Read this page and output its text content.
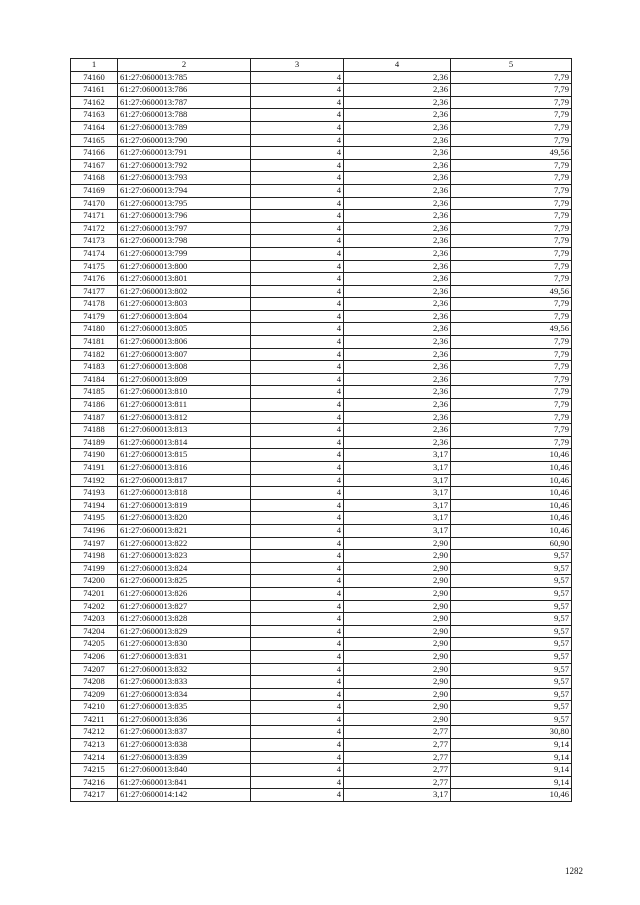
1	2	3	4	5
74160	61:27:0600013:785	4	2,36	7,79
74161	61:27:0600013:786	4	2,36	7,79
74162	61:27:0600013:787	4	2,36	7,79
74163	61:27:0600013:788	4	2,36	7,79
74164	61:27:0600013:789	4	2,36	7,79
74165	61:27:0600013:790	4	2,36	7,79
74166	61:27:0600013:791	4	2,36	49,56
74167	61:27:0600013:792	4	2,36	7,79
74168	61:27:0600013:793	4	2,36	7,79
74169	61:27:0600013:794	4	2,36	7,79
74170	61:27:0600013:795	4	2,36	7,79
74171	61:27:0600013:796	4	2,36	7,79
74172	61:27:0600013:797	4	2,36	7,79
74173	61:27:0600013:798	4	2,36	7,79
74174	61:27:0600013:799	4	2,36	7,79
74175	61:27:0600013:800	4	2,36	7,79
74176	61:27:0600013:801	4	2,36	7,79
74177	61:27:0600013:802	4	2,36	49,56
74178	61:27:0600013:803	4	2,36	7,79
74179	61:27:0600013:804	4	2,36	7,79
74180	61:27:0600013:805	4	2,36	49,56
74181	61:27:0600013:806	4	2,36	7,79
74182	61:27:0600013:807	4	2,36	7,79
74183	61:27:0600013:808	4	2,36	7,79
74184	61:27:0600013:809	4	2,36	7,79
74185	61:27:0600013:810	4	2,36	7,79
74186	61:27:0600013:811	4	2,36	7,79
74187	61:27:0600013:812	4	2,36	7,79
74188	61:27:0600013:813	4	2,36	7,79
74189	61:27:0600013:814	4	2,36	7,79
74190	61:27:0600013:815	4	3,17	10,46
74191	61:27:0600013:816	4	3,17	10,46
74192	61:27:0600013:817	4	3,17	10,46
74193	61:27:0600013:818	4	3,17	10,46
74194	61:27:0600013:819	4	3,17	10,46
74195	61:27:0600013:820	4	3,17	10,46
74196	61:27:0600013:821	4	3,17	10,46
74197	61:27:0600013:822	4	2,90	60,90
74198	61:27:0600013:823	4	2,90	9,57
74199	61:27:0600013:824	4	2,90	9,57
74200	61:27:0600013:825	4	2,90	9,57
74201	61:27:0600013:826	4	2,90	9,57
74202	61:27:0600013:827	4	2,90	9,57
74203	61:27:0600013:828	4	2,90	9,57
74204	61:27:0600013:829	4	2,90	9,57
74205	61:27:0600013:830	4	2,90	9,57
74206	61:27:0600013:831	4	2,90	9,57
74207	61:27:0600013:832	4	2,90	9,57
74208	61:27:0600013:833	4	2,90	9,57
74209	61:27:0600013:834	4	2,90	9,57
74210	61:27:0600013:835	4	2,90	9,57
74211	61:27:0600013:836	4	2,90	9,57
74212	61:27:0600013:837	4	2,77	30,80
74213	61:27:0600013:838	4	2,77	9,14
74214	61:27:0600013:839	4	2,77	9,14
74215	61:27:0600013:840	4	2,77	9,14
74216	61:27:0600013:841	4	2,77	9,14
74217	61:27:0600014:142	4	3,17	10,46
1282
